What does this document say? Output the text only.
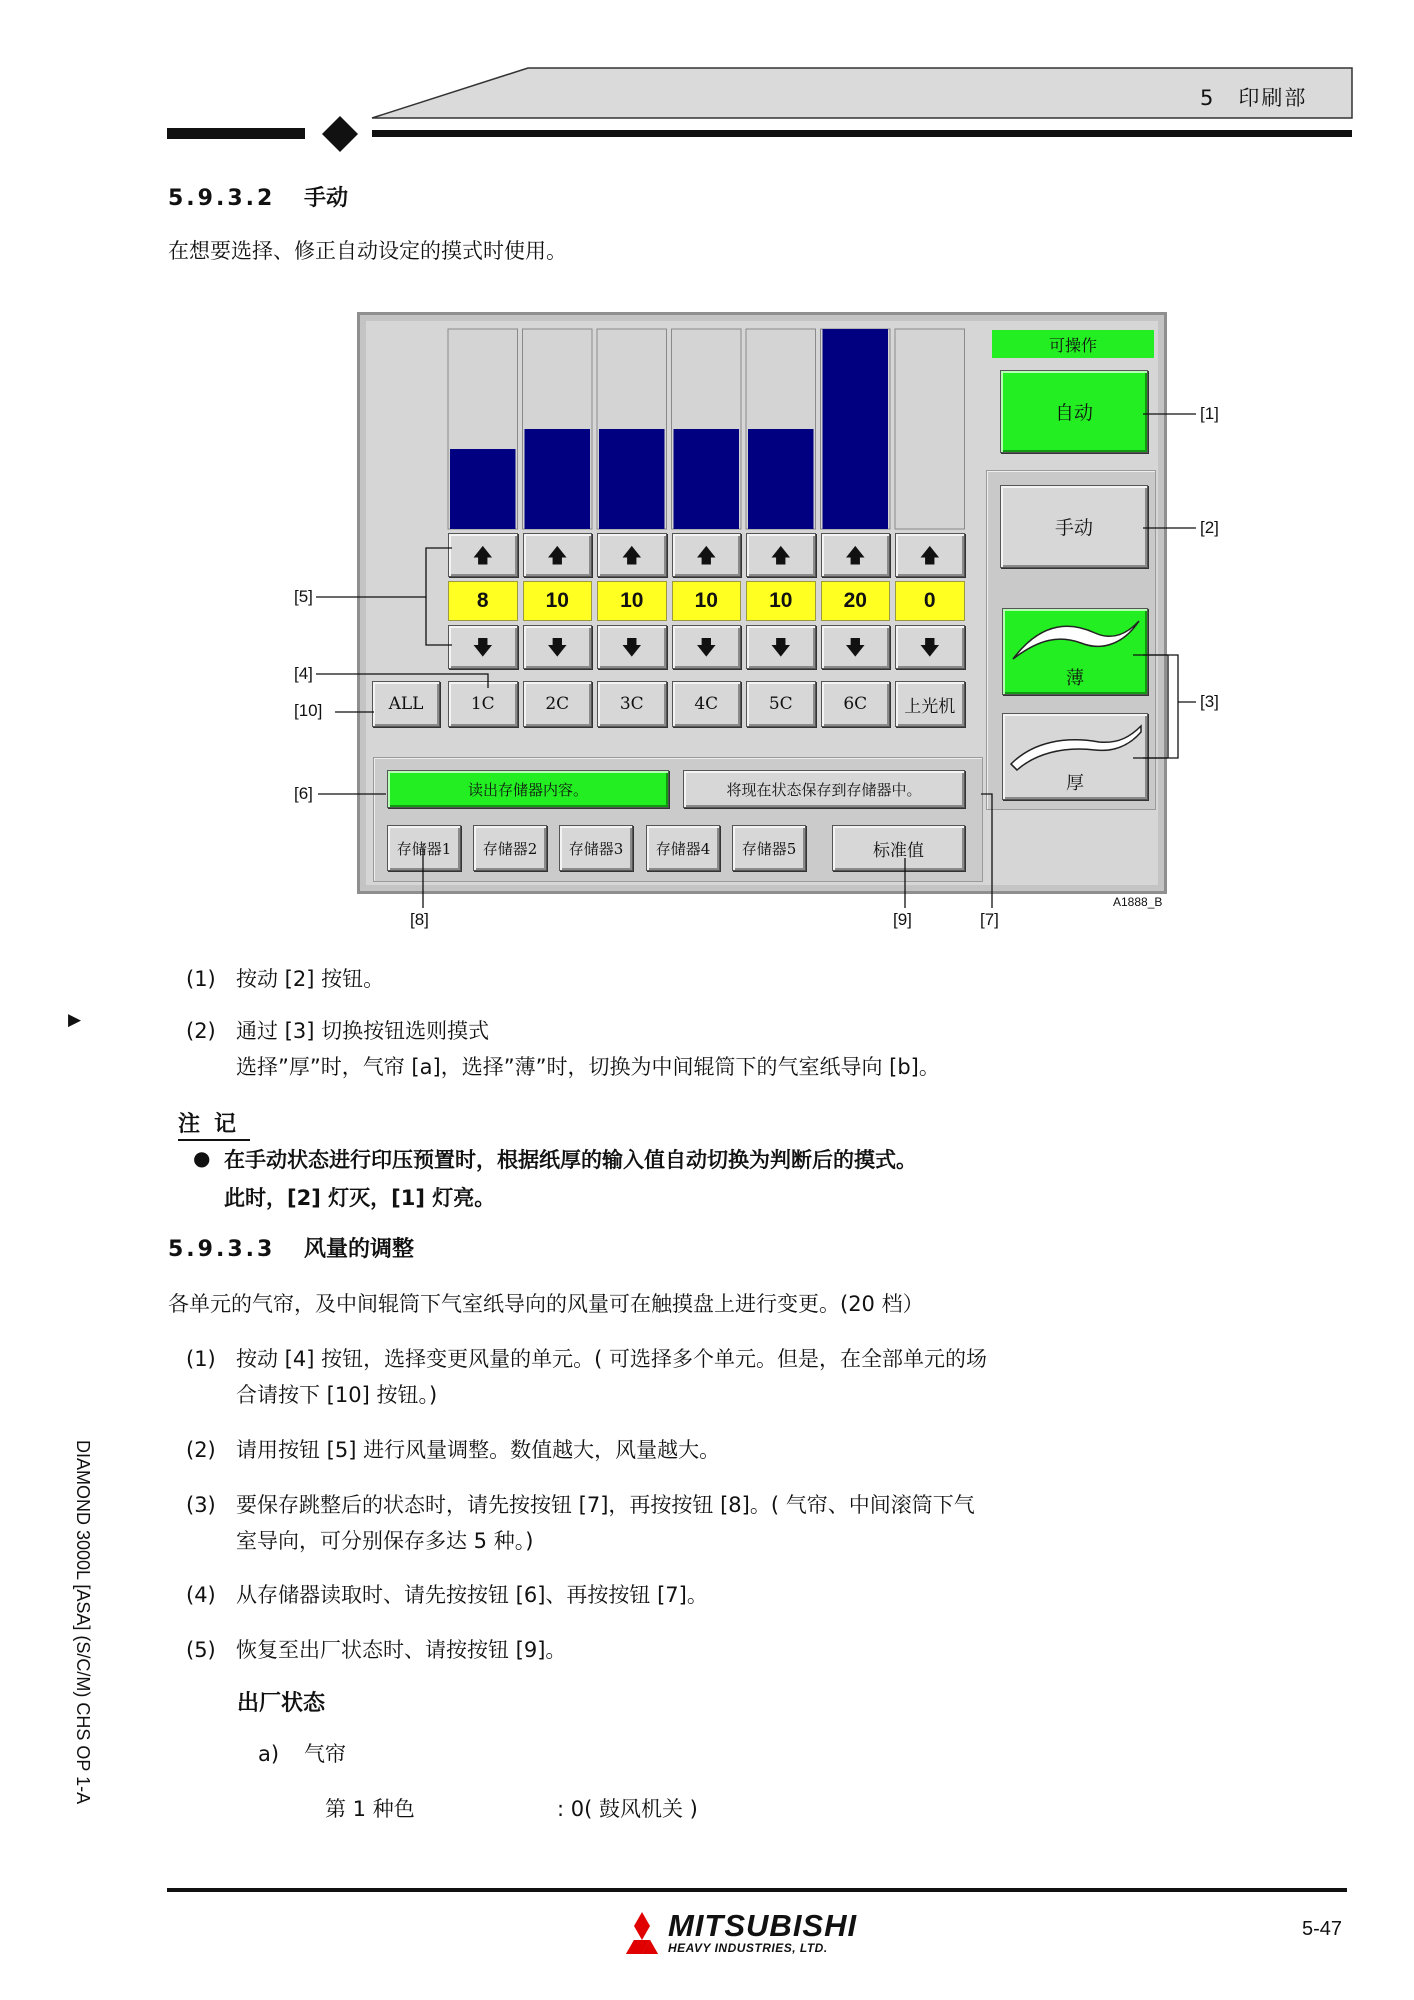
5　印刷部
DIAMOND 3000L [ASA] (S/C/M) CHS OP 1-A
▶
5.9.3.2 手动
在想要选择、修正自动设定的摸式时使用。
可操作
自动
手动
薄
厚
ALL
🡅
8
🡇
1C
🡅
10
🡇
2C
🡅
10
🡇
3C
🡅
10
🡇
4C
🡅
10
🡇
5C
🡅
20
🡇
6C
🡅
0
🡇
上光机
读出存储器内容。	将现在状态保存到存储器中。
存储器1	存储器2	存储器3	存储器4	存储器5	标准值
A1888_B
[1]
[2]
[3]
[4]
[5]
[6]
[7]
[8]	[9]
[10]
(1) 按动 [2] 按钮。
(2) 通过 [3] 切换按钮选则摸式
选择”厚”时，气帘 [a]，选择”薄”时，切换为中间辊筒下的气室纸导向 [b]。
注记
● 在手动状态进行印压预置时，根据纸厚的输入值自动切换为判断后的摸式。
此时，[2] 灯灭，[1] 灯亮。
5.9.3.3 风量的调整
各单元的气帘，及中间辊筒下气室纸导向的风量可在触摸盘上进行变更。(20 档）
(1) 按动 [4] 按钮，选择变更风量的单元。( 可选择多个单元。但是，在全部单元的场
合请按下 [10] 按钮。)
(2) 请用按钮 [5] 进行风量调整。数值越大，风量越大。
(3) 要保存跳整后的状态时，请先按按钮 [7]，再按按钮 [8]。( 气帘、中间滚筒下气
室导向，可分别保存多达 5 种。)
(4) 从存储器读取时、请先按按钮 [6]、再按按钮 [7]。
(5) 恢复至出厂状态时、请按按钮 [9]。
出厂状态
a) 气帘
第 1 种色	: 0( 鼓风机关 )
MITSUBISHI
HEAVY INDUSTRIES, LTD.
5-47
